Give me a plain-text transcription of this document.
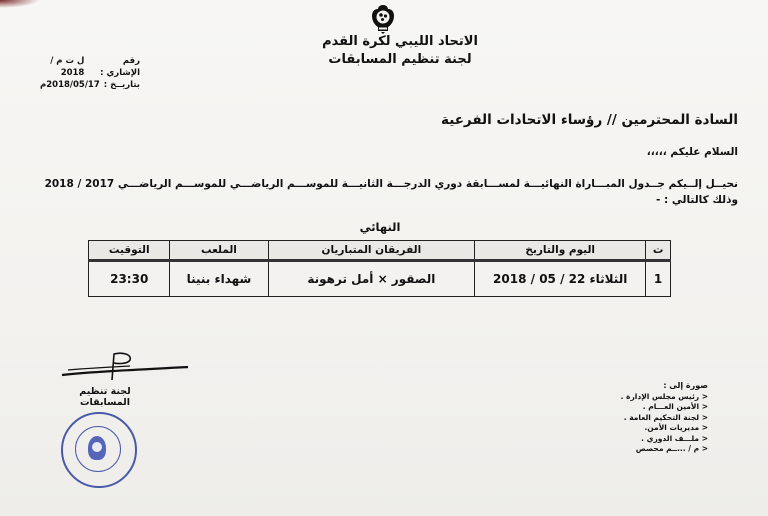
الاتحاد الليبي لكرة القدم
لجنة تنظيم المسابقات
رقم الإشاري :
ل ت م / 2018
بتاريــخ :
2018/05/17م
السادة المحترمين // رؤساء الاتحادات الفرعية
السلام عليكم ،،،،،
نحيــل إلــيكم جــدول المبـــاراة النهائيـــة لمســـابقة دوري الدرجـــة الثانيـــة للموســـم الرياضـــي للموســـم الرياضـــي 2017 / 2018
وذلك كالتالي : -
النهائي
ت	اليوم والتاريخ	الفريقان المتباريان	الملعب	التوقيت
1	الثلاثاء 22 / 05 / 2018	الصقور × أمل ترهونة	شهداء بنينا	23:30
لجنة تنظيم المسابقات
صورة إلى :
< رئيس مجلس الإدارة .
< الأمين العـــام .
< لجنة التحكيم العامة .
< مديريات الأمن.
< ملـــف الدوري .
< م / ...ــم محصص
